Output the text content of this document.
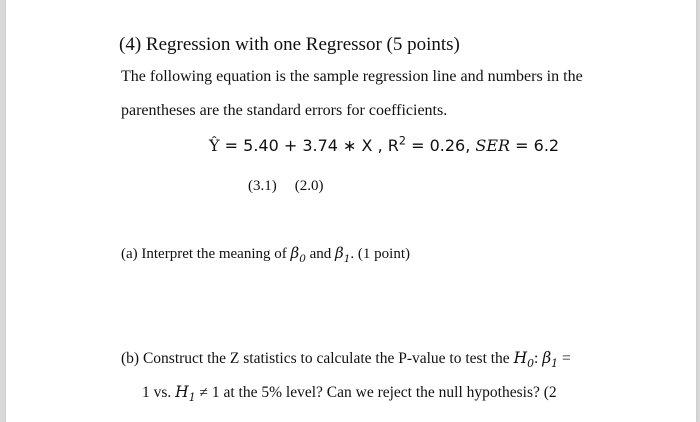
(4) Regression with one Regressor (5 points)
The following equation is the sample regression line and numbers in the
parentheses are the standard errors for coefficients.
Ŷ = 5.40 + 3.74 ∗ X , $R^2 = 0.26$, SER = 6.2
(3.1) (2.0)
(a) Interpret the meaning of $\beta_0$ and $\beta_1$. (1 point)
(b) Construct the Z statistics to calculate the P-value to test the $H_0$: $\beta_1$ =
1 vs. $H_1 \ne 1$ at the 5% level? Can we reject the null hypothesis? (2
